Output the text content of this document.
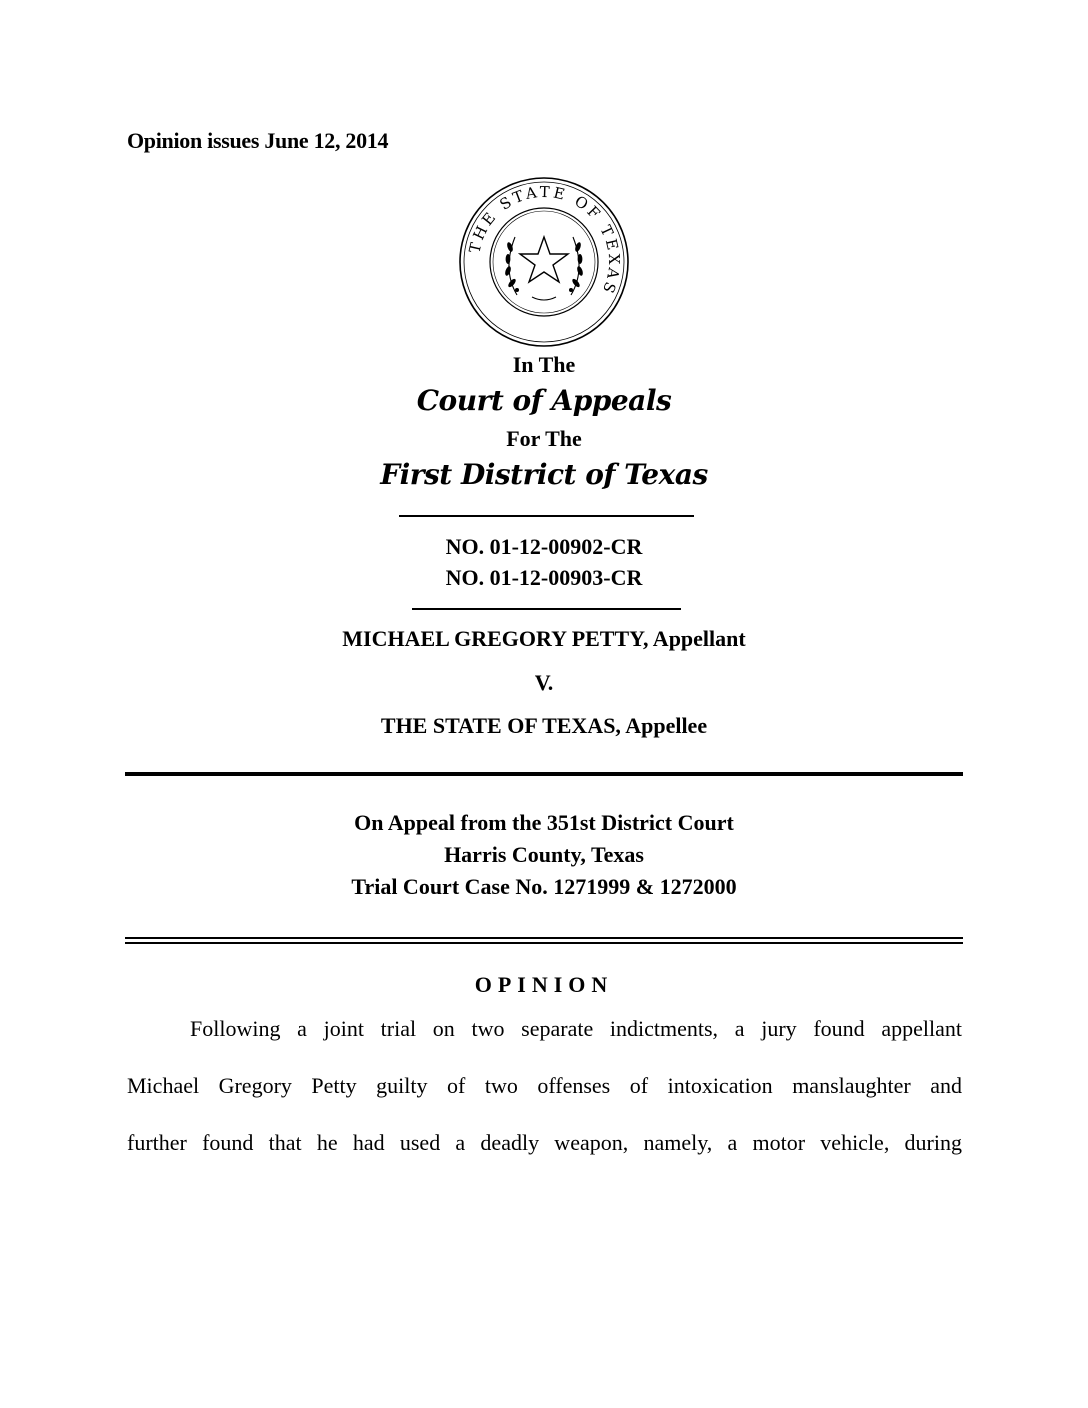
Opinion issues June 12, 2014
THE STATE OF TEXAS
In The
Court of Appeals
For The
First District of Texas
NO. 01-12-00902-CR
NO. 01-12-00903-CR
MICHAEL GREGORY PETTY, Appellant
V.
THE STATE OF TEXAS, Appellee
On Appeal from the 351st District Court
Harris County, Texas
Trial Court Case No. 1271999 & 1272000
OPINION
Following a joint trial on two separate indictments, a jury found appellant
Michael Gregory Petty guilty of two offenses of intoxication manslaughter and
further found that he had used a deadly weapon, namely, a motor vehicle, during
